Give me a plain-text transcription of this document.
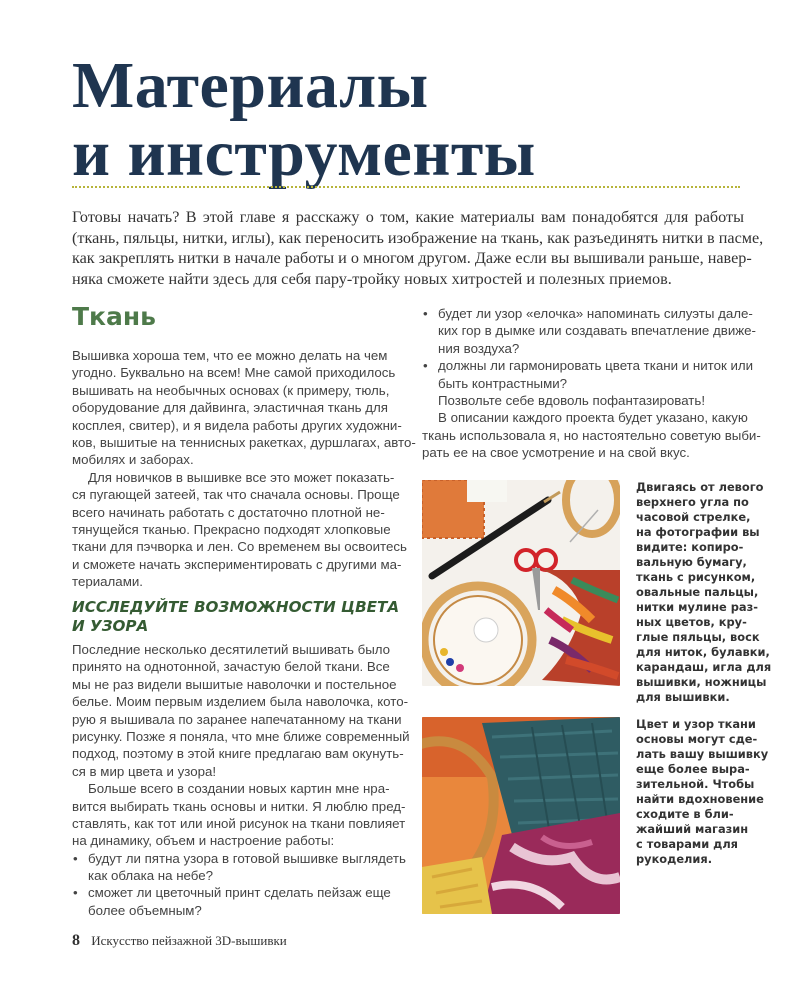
Материалы
и инструменты

Готовы начать? В этой главе я расскажу о том, какие материалы вам понадобятся для работы
(ткань, пяльцы, нитки, иглы), как переносить изображение на ткань, как разъединять нитки в пасме,
как закреплять нитки в начале работы и о многом другом. Даже если вы вышивали раньше, навер-
няка сможете найти здесь для себя пару-тройку новых хитростей и полезных приемов.

Ткань
Вышивка хороша тем, что ее можно делать на чем
угодно. Буквально на всем! Мне самой приходилось
вышивать на необычных основах (к примеру, тюль,
оборудование для дайвинга, эластичная ткань для
косплея, свитер), и я видела работы других художни-
ков, вышитые на теннисных ракетках, дуршлагах, авто-
мобилях и заборах.
Для новичков в вышивке все это может показать-
ся пугающей затеей, так что сначала основы. Проще
всего начинать работать с достаточно плотной не-
тянущейся тканью. Прекрасно подходят хлопковые
ткани для пэчворка и лен. Со временем вы освоитесь
и сможете начать экспериментировать с другими ма-
териалами.
ИССЛЕДУЙТЕ ВОЗМОЖНОСТИ ЦВЕТА
И УЗОРА
Последние несколько десятилетий вышивать было
принято на однотонной, зачастую белой ткани. Все
мы не раз видели вышитые наволочки и постельное
белье. Моим первым изделием была наволочка, кото-
рую я вышивала по заранее напечатанному на ткани
рисунку. Позже я поняла, что мне ближе современный
подход, поэтому в этой книге предлагаю вам окунуть-
ся в мир цвета и узора!
Больше всего в создании новых картин мне нра-
вится выбирать ткань основы и нитки. Я люблю пред-
ставлять, как тот или иной рисунок на ткани повлияет
на динамику, объем и настроение работы:
• будут ли пятна узора в готовой вышивке выглядеть
как облака на небе?
• сможет ли цветочный принт сделать пейзаж еще
более объемным?
• будет ли узор «елочка» напоминать силуэты дале-
ких гор в дымке или создавать впечатление движе-
ния воздуха?
• должны ли гармонировать цвета ткани и ниток или
быть контрастными?
Позвольте себе вдоволь пофантазировать!
В описании каждого проекта будет указано, какую
ткань использовала я, но настоятельно советую выби-
рать ее на свое усмотрение и на свой вкус.
Двигаясь от левого
верхнего угла по
часовой стрелке,
на фотографии вы
видите: копиро-
вальную бумагу,
ткань с рисунком,
овальные пальцы,
нитки мулине раз-
ных цветов, кру-
глые пяльцы, воск
для ниток, булавки,
карандаш, игла для
вышивки, ножницы
для вышивки.
Цвет и узор ткани
основы могут сде-
лать вашу вышивку
еще более выра-
зительной. Чтобы
найти вдохновение
сходите в бли-
жайший магазин
с товарами для
рукоделия.
8 Искусство пейзажной 3D-вышивки
